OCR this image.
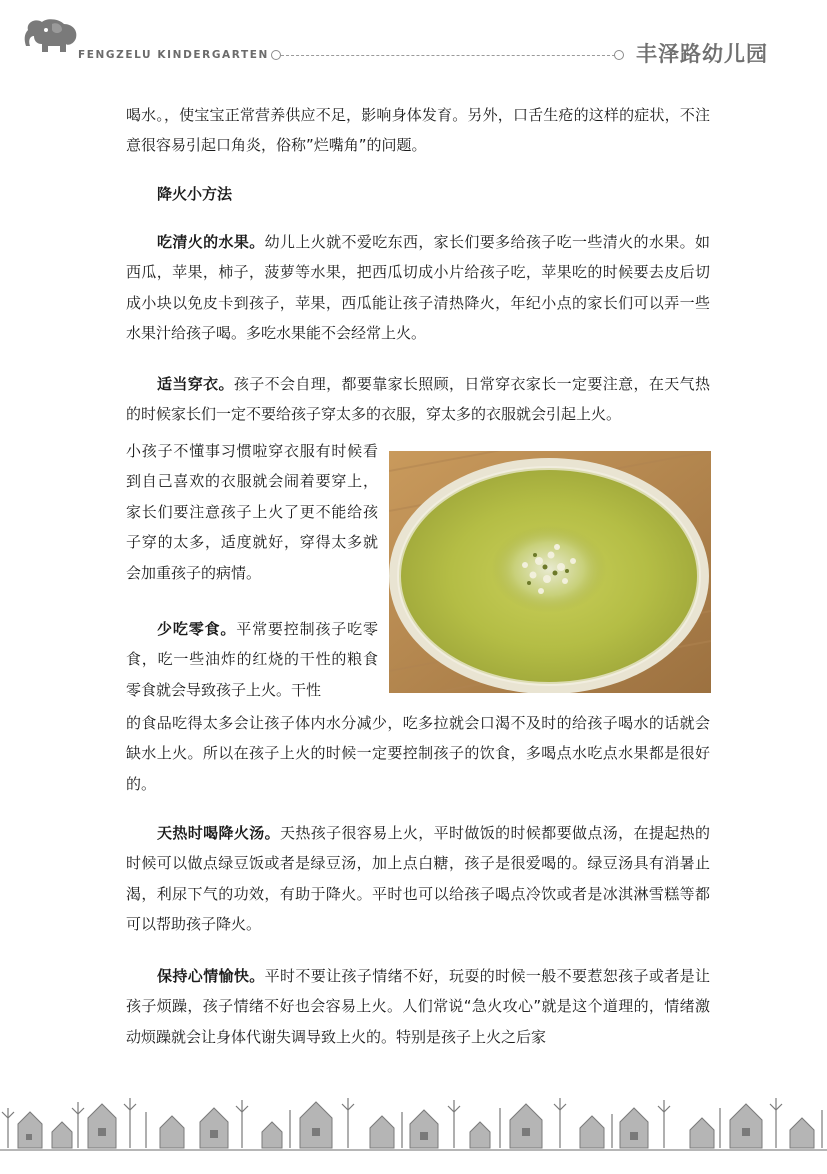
FENGZELU KINDERGARTEN	丰泽路幼儿园

喝水。，使宝宝正常营养供应不足，影响身体发育。另外，口舌生疮的这样的症状，不注意很容易引起口角炎，俗称”烂嘴角”的问题。

降火小方法

吃清火的水果。幼儿上火就不爱吃东西，家长们要多给孩子吃一些清火的水果。如西瓜，苹果，柿子，菠萝等水果，把西瓜切成小片给孩子吃，苹果吃的时候要去皮后切成小块以免皮卡到孩子，苹果，西瓜能让孩子清热降火，年纪小点的家长们可以弄一些水果汁给孩子喝。多吃水果能不会经常上火。

适当穿衣。孩子不会自理，都要靠家长照顾，日常穿衣家长一定要注意，在天气热的时候家长们一定不要给孩子穿太多的衣服，穿太多的衣服就会引起上火。

小孩子不懂事习惯啦穿衣服有时候看到自己喜欢的衣服就会闹着要穿上，家长们要注意孩子上火了更不能给孩子穿的太多，适度就好，穿得太多就会加重孩子的病情。

少吃零食。平常要控制孩子吃零食，吃一些油炸的红烧的干性的粮食零食就会导致孩子上火。干性

的食品吃得太多会让孩子体内水分减少，吃多拉就会口渴不及时的给孩子喝水的话就会缺水上火。所以在孩子上火的时候一定要控制孩子的饮食，多喝点水吃点水果都是很好的。

天热时喝降火汤。天热孩子很容易上火，平时做饭的时候都要做点汤，在提起热的时候可以做点绿豆饭或者是绿豆汤，加上点白糖，孩子是很爱喝的。绿豆汤具有消暑止渴，利尿下气的功效，有助于降火。平时也可以给孩子喝点冷饮或者是冰淇淋雪糕等都可以帮助孩子降火。

保持心情愉快。平时不要让孩子情绪不好，玩耍的时候一般不要惹恕孩子或者是让孩子烦躁，孩子情绪不好也会容易上火。人们常说“急火攻心”就是这个道理的，情绪激动烦躁就会让身体代谢失调导致上火的。特别是孩子上火之后家
